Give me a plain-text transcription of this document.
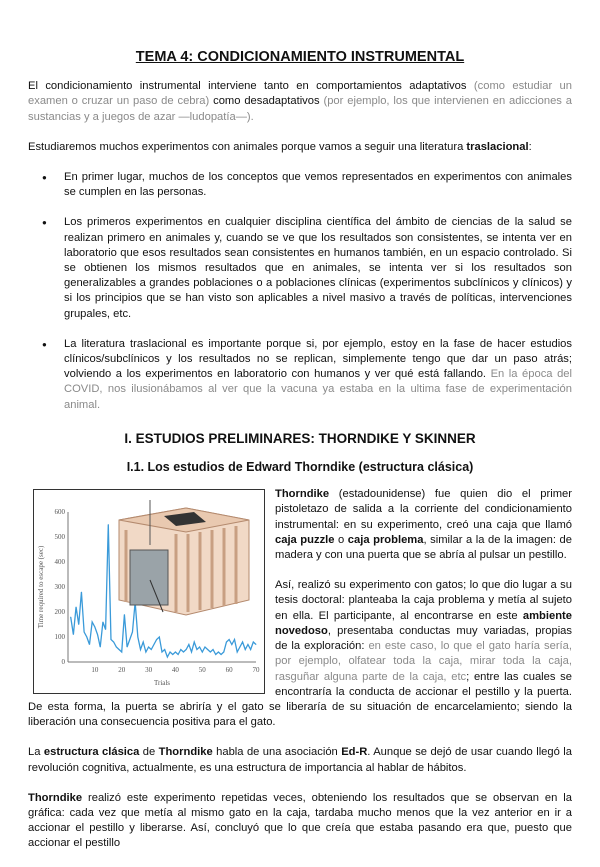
TEMA 4: CONDICIONAMIENTO INSTRUMENTAL

El condicionamiento instrumental interviene tanto en comportamientos adaptativos (como estudiar un examen o cruzar un paso de cebra) como desadaptativos (por ejemplo, los que intervienen en adicciones a sustancias y a juegos de azar —ludopatía—).

Estudiaremos muchos experimentos con animales porque vamos a seguir una literatura traslacional:

● En primer lugar, muchos de los conceptos que vemos representados en experimentos con animales se cumplen en las personas.
● Los primeros experimentos en cualquier disciplina científica del ámbito de ciencias de la salud se realizan primero en animales y, cuando se ve que los resultados son consistentes, se intenta ver en laboratorio que esos resultados sean consistentes en humanos también, en un espacio controlado. Si se obtienen los mismos resultados que en animales, se intenta ver si los resultados son generalizables a grandes poblaciones o a poblaciones clínicas (experimentos subclínicos y clínicos) y si los principios que se han visto son aplicables a nivel masivo a través de políticas, intervenciones grupales, etc.
● La literatura traslacional es importante porque si, por ejemplo, estoy en la fase de hacer estudios clínicos/subclínicos y los resultados no se replican, simplemente tengo que dar un paso atrás; volviendo a los experimentos en laboratorio con humanos y ver qué está fallando. En la época del COVID, nos ilusionábamos al ver que la vacuna ya estaba en la ultima fase de experimentación animal.
I. ESTUDIOS PRELIMINARES: THORNDIKE Y SKINNER
I.1. Los estudios de Edward Thorndike (estructura clásica)
0
100
200
300
400
500
600
10	20	30	40	50	60	70
Trials
Time required to escape (sec)

Thorndike (estadounidense) fue quien dio el primer pistoletazo de salida a la corriente del condicionamiento instrumental: en su experimento, creó una caja que llamó caja puzzle o caja problema, similar a la de la imagen: de madera y con una puerta que se abría al pulsar un pestillo.

Así, realizó su experimento con gatos; lo que dio lugar a su tesis doctoral: planteaba la caja problema y metía al sujeto en ella. El participante, al encontrarse en este ambiente novedoso, presentaba conductas muy variadas, propias de la exploración: en este caso, lo que el gato haría sería, por ejemplo, olfatear toda la caja, mirar toda la caja, rasguñar alguna parte de la caja, etc; entre las cuales se encontraría la conducta de accionar el pestillo y la puerta. De esta forma, la puerta se abriría y el gato se liberaría de su situación de encarcelamiento; siendo la liberación una consecuencia positiva para el gato.

La estructura clásica de Thorndike habla de una asociación Ed-R. Aunque se dejó de usar cuando llegó la revolución cognitiva, actualmente, es una estructura de importancia al hablar de hábitos.

Thorndike realizó este experimento repetidas veces, obteniendo los resultados que se observan en la gráfica: cada vez que metía al mismo gato en la caja, tardaba mucho menos que la vez anterior en ir a accionar el pestillo y liberarse. Así, concluyó que lo que creía que estaba pasando era que, puesto que accionar el pestillo
